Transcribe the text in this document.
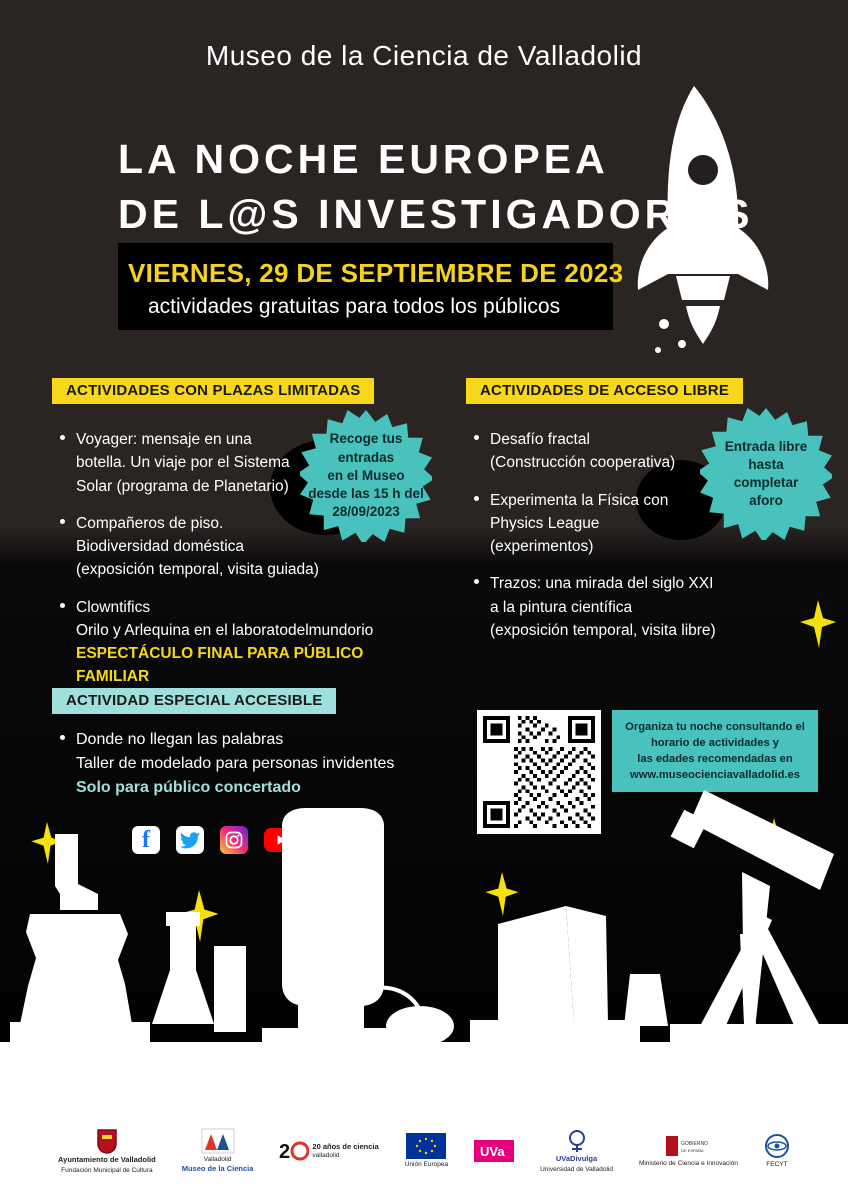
Museo de la Ciencia de Valladolid
LA NOCHE EUROPEA
DE L@S INVESTIGADOR@S
VIERNES, 29 DE SEPTIEMBRE DE 2023
actividades gratuitas para todos los públicos
ACTIVIDADES CON PLAZAS LIMITADAS	ACTIVIDADES DE ACCESO LIBRE
ACTIVIDAD ESPECIAL ACCESIBLE
Voyager: mensaje en una
botella. Un viaje por el Sistema
Solar (programa de Planetario)
Compañeros de piso.
Biodiversidad doméstica
(exposición temporal, visita guiada)
Clowntifics
Orilo y Arlequina en el laboratodelmundorio
ESPECTÁCULO FINAL PARA PÚBLICO FAMILIAR
Desafío fractal
(Construcción cooperativa)
Experimenta la Física con
Physics League
(experimentos)
Trazos: una mirada del siglo XXI
a la pintura científica
(exposición temporal, visita libre)
Donde no llegan las palabras
Taller de modelado para personas invidentes
Solo para público concertado
Recoge tus
entradas
en el Museo
desde las 15 h del
28/09/2023
Entrada libre
hasta
completar
aforo
Organiza tu noche consultando el
horario de actividades y
las edades recomendadas en
www.museocienciavalladolid.es
f
Ayuntamiento de Valladolid
Fundación Municipal de Cultura
Valladolid
Museo de la Ciencia
2	20 años de ciencia
valladolid
Unión Europea
UVa	UVaDivulga
Universidad de Valladolid
GOBIERNO
DE ESPAÑA
Ministerio de Ciencia e Innovación	FECYT
